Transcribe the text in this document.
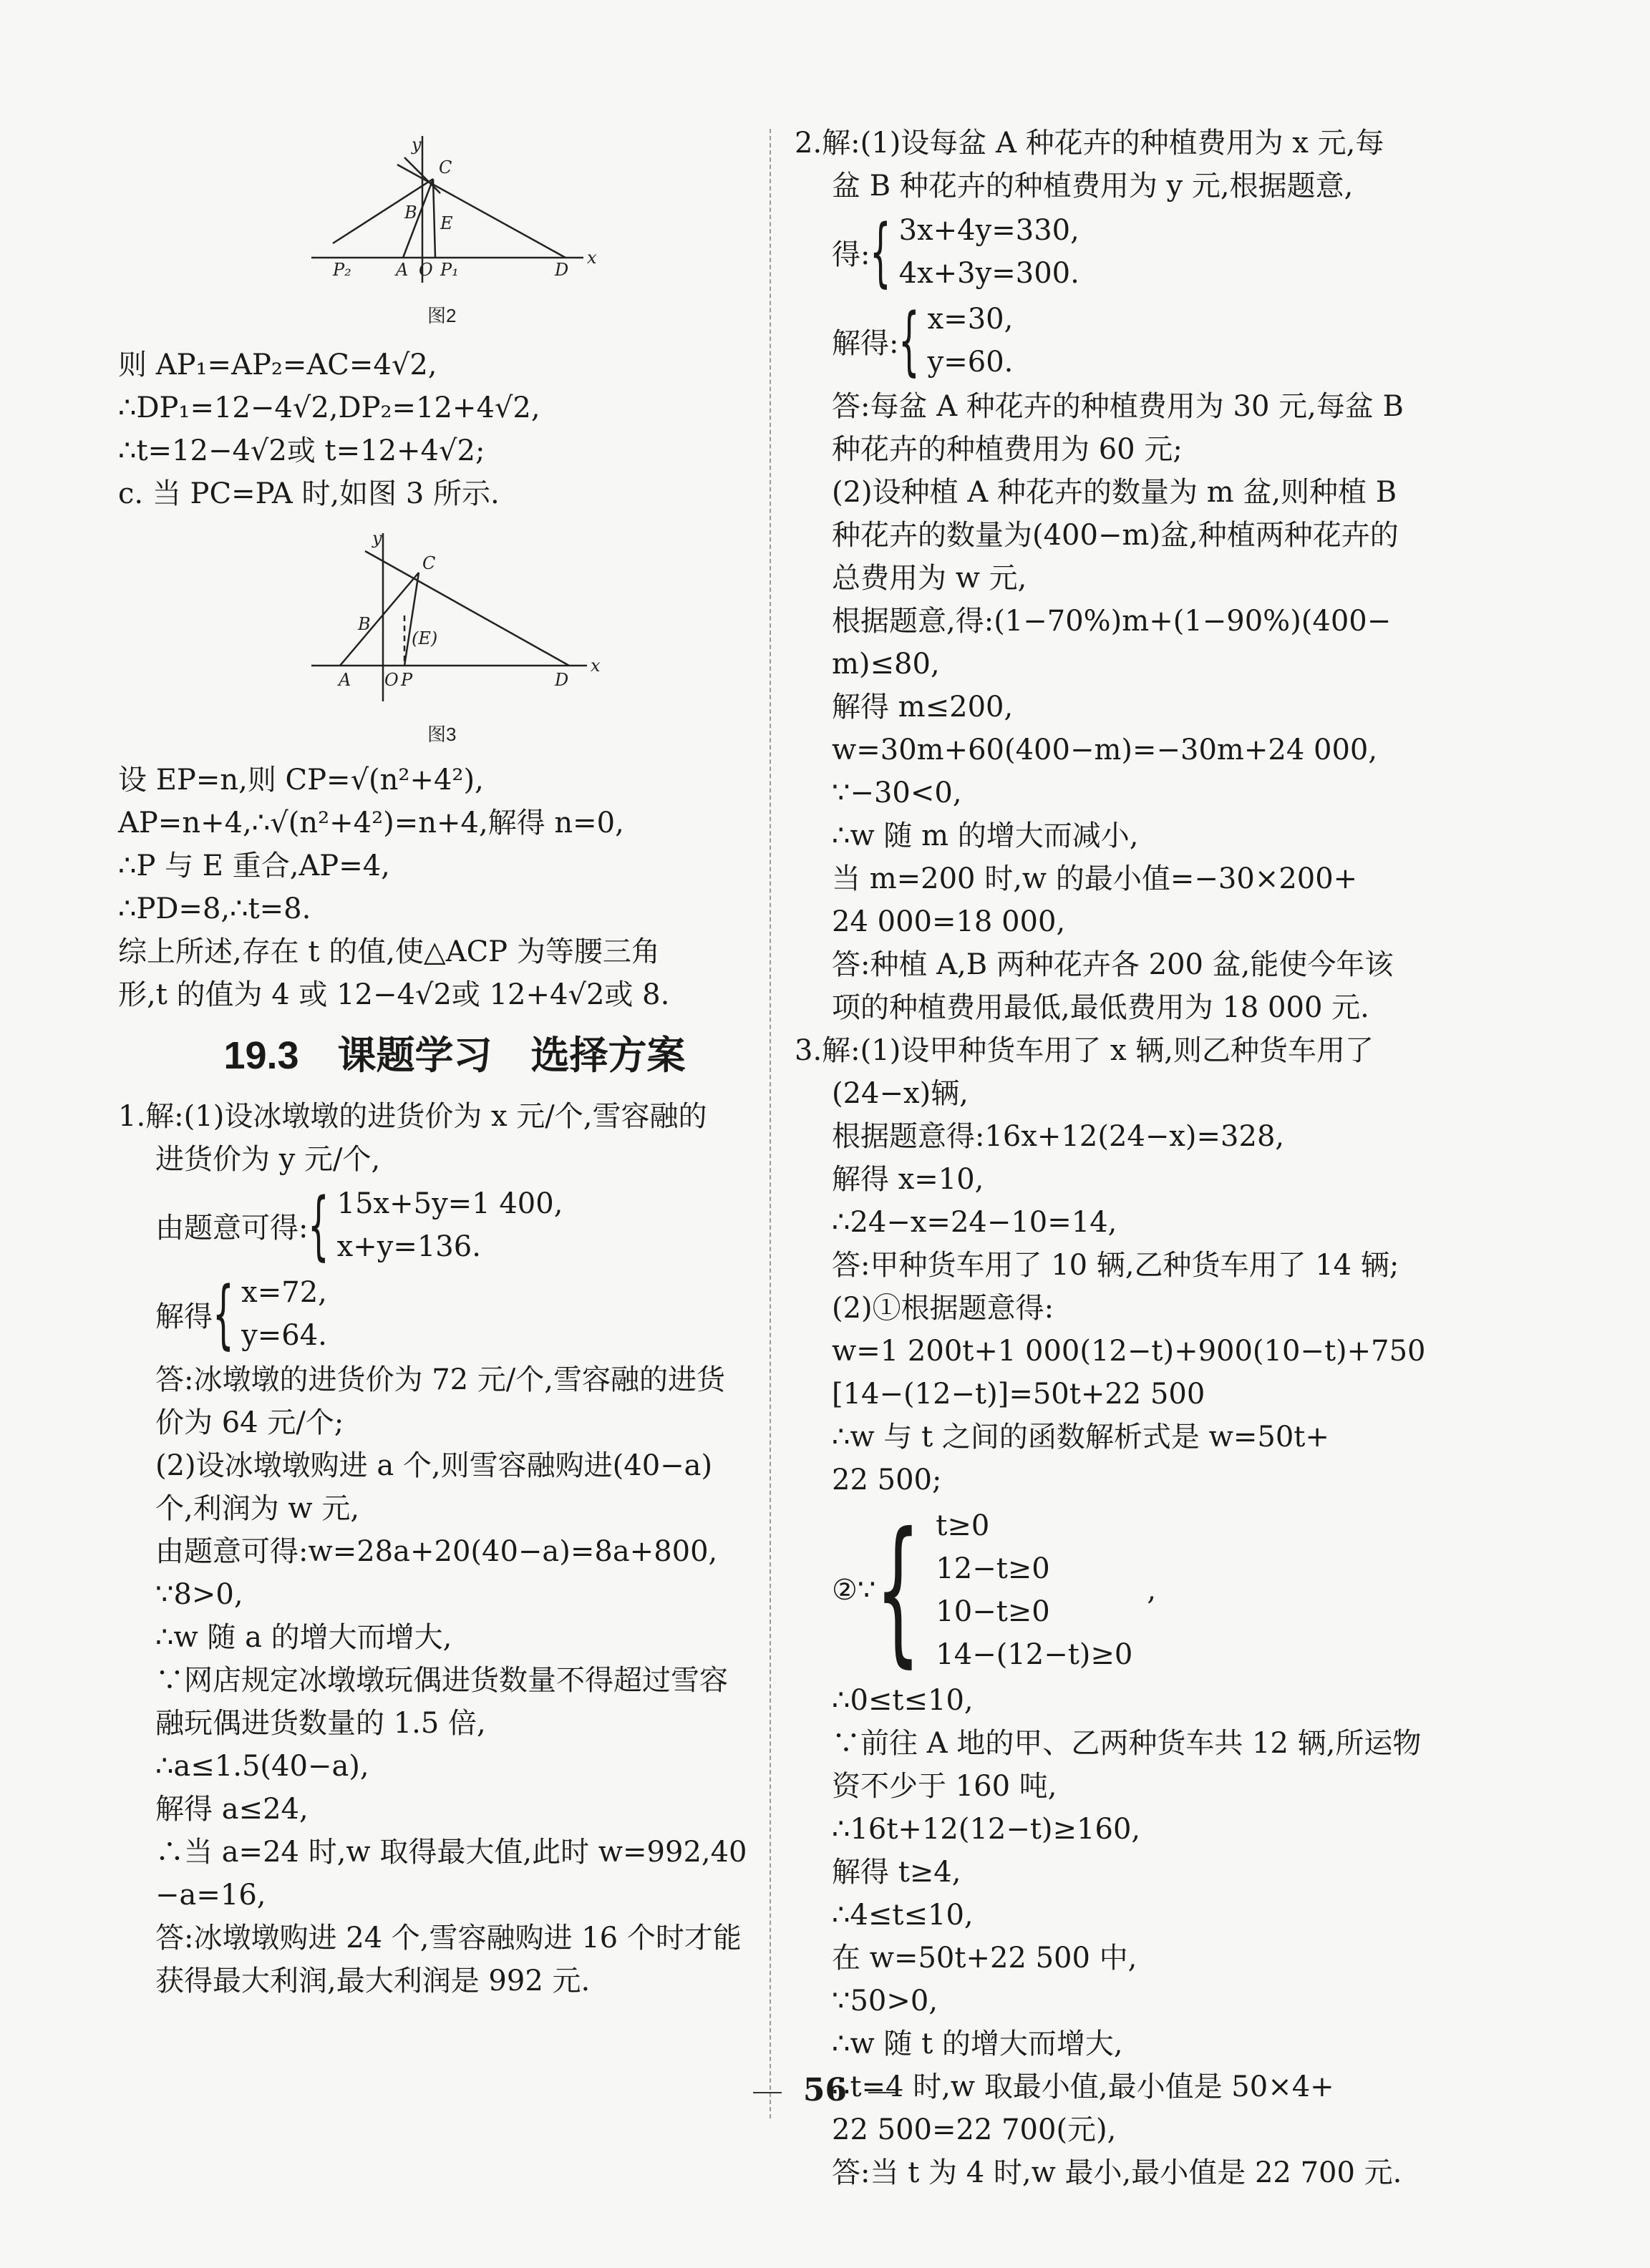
y
x
C
B
E
P₂	A O P₁	D
图2
则 AP₁=AP₂=AC=4√2,
∴DP₁=12−4√2,DP₂=12+4√2,
∴t=12−4√2或 t=12+4√2;
c. 当 PC=PA 时,如图 3 所示.
y
x
C
B
(E)
A O P	D
图3
设 EP=n,则 CP=√(n²+4²),
AP=n+4,∴√(n²+4²)=n+4,解得 n=0,
∴P 与 E 重合,AP=4,
∴PD=8,∴t=8.
综上所述,存在 t 的值,使△ACP 为等腰三角
形,t 的值为 4 或 12−4√2或 12+4√2或 8.
19.3　课题学习　选择方案
1.解:(1)设冰墩墩的进货价为 x 元/个,雪容融的
进货价为 y 元/个,
由题意可得: { 15x+5y=1 400,
x+y=136.
解得 { x=72,
y=64.
答:冰墩墩的进货价为 72 元/个,雪容融的进货
价为 64 元/个;
(2)设冰墩墩购进 a 个,则雪容融购进(40−a)
个,利润为 w 元,
由题意可得:w=28a+20(40−a)=8a+800,
∵8>0,
∴w 随 a 的增大而增大,
∵网店规定冰墩墩玩偶进货数量不得超过雪容
融玩偶进货数量的 1.5 倍,
∴a≤1.5(40−a),
解得 a≤24,
∴当 a=24 时,w 取得最大值,此时 w=992,40
−a=16,
答:冰墩墩购进 24 个,雪容融购进 16 个时才能
获得最大利润,最大利润是 992 元.
2.解:(1)设每盆 A 种花卉的种植费用为 x 元,每
盆 B 种花卉的种植费用为 y 元,根据题意,
得: { 3x+4y=330,
4x+3y=300.
解得: { x=30,
y=60.
答:每盆 A 种花卉的种植费用为 30 元,每盆 B
种花卉的种植费用为 60 元;
(2)设种植 A 种花卉的数量为 m 盆,则种植 B
种花卉的数量为(400−m)盆,种植两种花卉的
总费用为 w 元,
根据题意,得:(1−70%)m+(1−90%)(400−
m)≤80,
解得 m≤200,
w=30m+60(400−m)=−30m+24 000,
∵−30<0,
∴w 随 m 的增大而减小,
当 m=200 时,w 的最小值=−30×200+
24 000=18 000,
答:种植 A,B 两种花卉各 200 盆,能使今年该
项的种植费用最低,最低费用为 18 000 元.
3.解:(1)设甲种货车用了 x 辆,则乙种货车用了
(24−x)辆,
根据题意得:16x+12(24−x)=328,
解得 x=10,
∴24−x=24−10=14,
答:甲种货车用了 10 辆,乙种货车用了 14 辆;
(2)①根据题意得:
w=1 200t+1 000(12−t)+900(10−t)+750
[14−(12−t)]=50t+22 500
∴w 与 t 之间的函数解析式是 w=50t+
22 500;
②∵ { t≥0
12−t≥0
10−t≥0
14−(12−t)≥0
,
∴0≤t≤10,
∵前往 A 地的甲、乙两种货车共 12 辆,所运物
资不少于 160 吨,
∴16t+12(12−t)≥160,
解得 t≥4,
∴4≤t≤10,
在 w=50t+22 500 中,
∵50>0,
∴w 随 t 的增大而增大,
∴t=4 时,w 取最小值,最小值是 50×4+
22 500=22 700(元),
答:当 t 为 4 时,w 最小,最小值是 22 700 元.
56
